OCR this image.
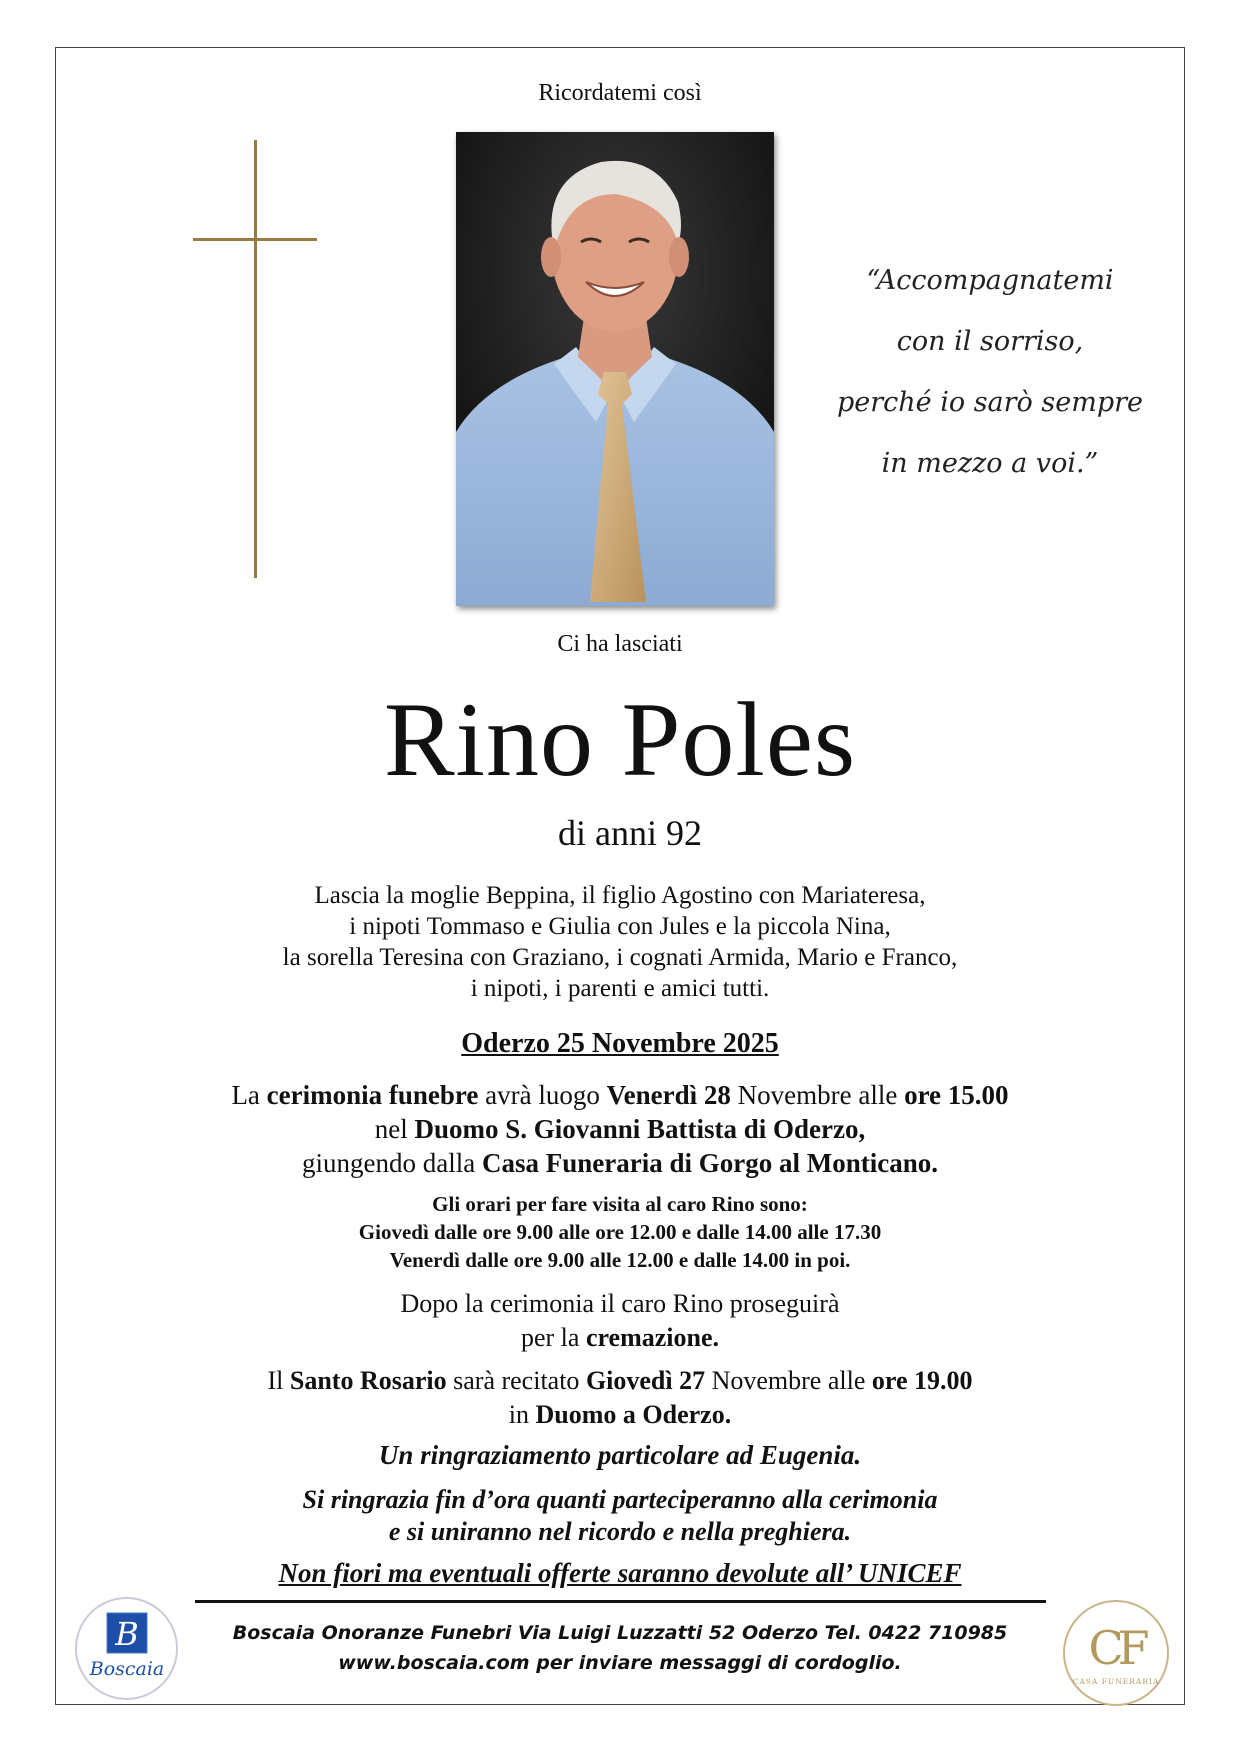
Ricordatemi così
“Accompagnatemi
con il sorriso,
perché io sarò sempre
in mezzo a voi.”
Ci ha lasciati
Rino Poles
di anni 92
Lascia la moglie Beppina, il figlio Agostino con Mariateresa,
i nipoti Tommaso e Giulia con Jules e la piccola Nina,
la sorella Teresina con Graziano, i cognati Armida, Mario e Franco,
i nipoti, i parenti e amici tutti.
Oderzo 25 Novembre 2025
La cerimonia funebre avrà luogo Venerdì 28 Novembre alle ore 15.00
nel Duomo S. Giovanni Battista di Oderzo,
giungendo dalla Casa Funeraria di Gorgo al Monticano.
Gli orari per fare visita al caro Rino sono:
Giovedì dalle ore 9.00 alle ore 12.00 e dalle 14.00 alle 17.30
Venerdì dalle ore 9.00 alle 12.00 e dalle 14.00 in poi.
Dopo la cerimonia il caro Rino proseguirà
per la cremazione.
Il Santo Rosario sarà recitato Giovedì 27 Novembre alle ore 19.00
in Duomo a Oderzo.
Un ringraziamento particolare ad Eugenia.
Si ringrazia fin d’ora quanti parteciperanno alla cerimonia
e si uniranno nel ricordo e nella preghiera.
Non fiori ma eventuali offerte saranno devolute all’ UNICEF
Boscaia Onoranze Funebri Via Luigi Luzzatti 52 Oderzo Tel. 0422 710985
www.boscaia.com per inviare messaggi di cordoglio.
B
Boscaia	CF
CASA FUNERARIA
